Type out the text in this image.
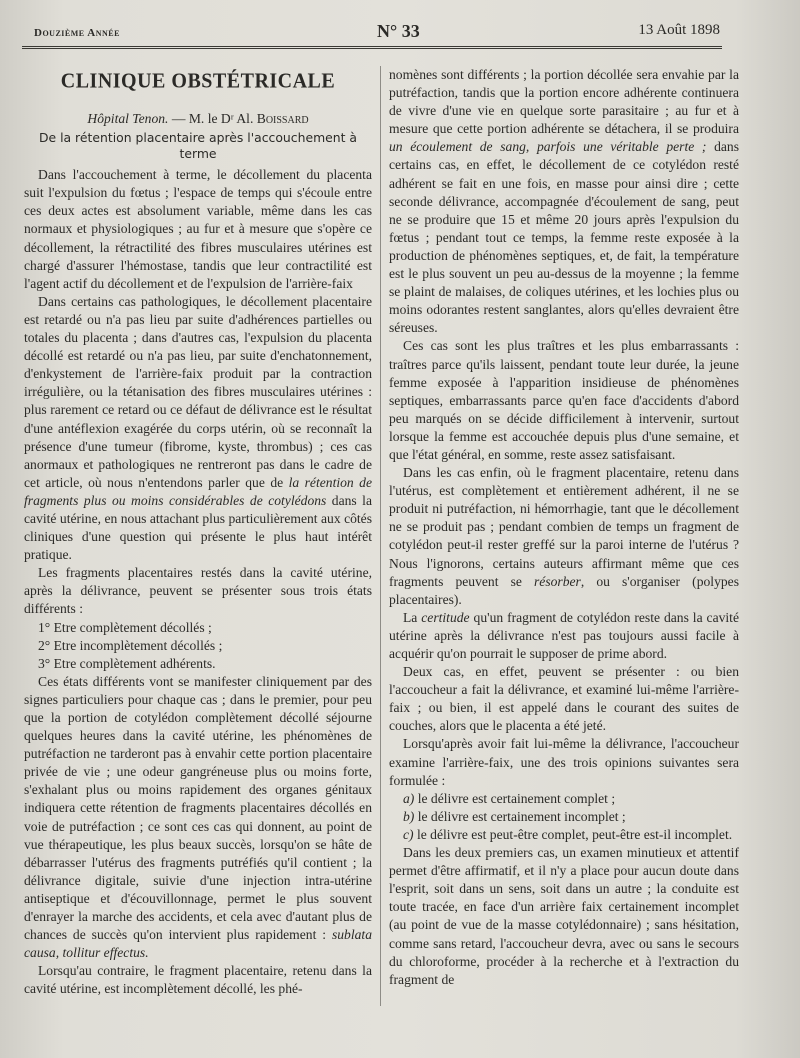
Douzième Année	N° 33	13 Août 1898
CLINIQUE OBSTÉTRICALE
Hôpital Tenon. — M. le Dʳ Al. Boissard
De la rétention placentaire après l'accouchement à terme

Dans l'accouchement à terme, le décollement du placenta suit l'expulsion du fœtus ; l'espace de temps qui s'écoule entre ces deux actes est absolument variable, même dans les cas normaux et physiologiques ; au fur et à mesure que s'opère ce décollement, la rétractilité des fibres musculaires utérines est chargé d'assurer l'hémostase, tandis que leur contractilité est l'agent actif du décollement et de l'expulsion de l'arrière-faix

Dans certains cas pathologiques, le décollement placentaire est retardé ou n'a pas lieu par suite d'adhérences partielles ou totales du placenta ; dans d'autres cas, l'expulsion du placenta décollé est retardé ou n'a pas lieu, par suite d'enchatonnement, d'enkystement de l'arrière-faix produit par la contraction irrégulière, ou la tétanisation des fibres musculaires utérines : plus rarement ce retard ou ce défaut de délivrance est le résultat d'une antéflexion exagérée du corps utérin, où se reconnaît la présence d'une tumeur (fibrome, kyste, thrombus) ; ces cas anormaux et pathologiques ne rentreront pas dans le cadre de cet article, où nous n'entendons parler que de la rétention de fragments plus ou moins considérables de cotylédons dans la cavité utérine, en nous attachant plus particulièrement aux côtés cliniques d'une question qui présente le plus haut intérêt pratique.

Les fragments placentaires restés dans la cavité utérine, après la délivrance, peuvent se présenter sous trois états différents :

1° Etre complètement décollés ;

2° Etre incomplètement décollés ;

3° Etre complètement adhérents.

Ces états différents vont se manifester cliniquement par des signes particuliers pour chaque cas ; dans le premier, pour peu que la portion de cotylédon complètement décollé séjourne quelques heures dans la cavité utérine, les phénomènes de putréfaction ne tarderont pas à envahir cette portion placentaire privée de vie ; une odeur gangréneuse plus ou moins forte, s'exhalant plus ou moins rapidement des organes génitaux indiquera cette rétention de fragments placentaires décollés en voie de putréfaction ; ce sont ces cas qui donnent, au point de vue thérapeutique, les plus beaux succès, lorsqu'on se hâte de débarrasser l'utérus des fragments putréfiés qu'il contient ; la délivrance digitale, suivie d'une injection intra-utérine antiseptique et d'écouvillonnage, permet le plus souvent d'enrayer la marche des accidents, et cela avec d'autant plus de chances de succès qu'on intervient plus rapidement : sublata causa, tollitur effectus.

Lorsqu'au contraire, le fragment placentaire, retenu dans la cavité utérine, est incomplètement décollé, les phé-

nomènes sont différents ; la portion décollée sera envahie par la putréfaction, tandis que la portion encore adhérente continuera de vivre d'une vie en quelque sorte parasitaire ; au fur et à mesure que cette portion adhérente se détachera, il se produira un écoulement de sang, parfois une véritable perte ; dans certains cas, en effet, le décollement de ce cotylédon resté adhérent se fait en une fois, en masse pour ainsi dire ; cette seconde délivrance, accompagnée d'écoulement de sang, peut ne se produire que 15 et même 20 jours après l'expulsion du fœtus ; pendant tout ce temps, la femme reste exposée à la production de phénomènes septiques, et, de fait, la température est le plus souvent un peu au-dessus de la moyenne ; la femme se plaint de malaises, de coliques utérines, et les lochies plus ou moins odorantes restent sanglantes, alors qu'elles devraient être séreuses.

Ces cas sont les plus traîtres et les plus embarrassants : traîtres parce qu'ils laissent, pendant toute leur durée, la jeune femme exposée à l'apparition insidieuse de phénomènes septiques, embarrassants parce qu'en face d'accidents d'abord peu marqués on se décide difficilement à intervenir, surtout lorsque la femme est accouchée depuis plus d'une semaine, et que l'état général, en somme, reste assez satisfaisant.

Dans les cas enfin, où le fragment placentaire, retenu dans l'utérus, est complètement et entièrement adhérent, il ne se produit ni putréfaction, ni hémorrhagie, tant que le décollement ne se produit pas ; pendant combien de temps un fragment de cotylédon peut-il rester greffé sur la paroi interne de l'utérus ? Nous l'ignorons, certains auteurs affirmant même que ces fragments peuvent se résorber, ou s'organiser (polypes placentaires).

La certitude qu'un fragment de cotylédon reste dans la cavité utérine après la délivrance n'est pas toujours aussi facile à acquérir qu'on pourrait le supposer de prime abord.

Deux cas, en effet, peuvent se présenter : ou bien l'accoucheur a fait la délivrance, et examiné lui-même l'arrière-faix ; ou bien, il est appelé dans le courant des suites de couches, alors que le placenta a été jeté.

Lorsqu'après avoir fait lui-même la délivrance, l'accoucheur examine l'arrière-faix, une des trois opinions suivantes sera formulée :

a) le délivre est certainement complet ;

b) le délivre est certainement incomplet ;

c) le délivre est peut-être complet, peut-être est-il incomplet.

Dans les deux premiers cas, un examen minutieux et attentif permet d'être affirmatif, et il n'y a place pour aucun doute dans l'esprit, soit dans un sens, soit dans un autre ; la conduite est toute tracée, en face d'un arrière faix certainement incomplet (au point de vue de la masse cotylédonnaire) ; sans hésitation, comme sans retard, l'accoucheur devra, avec ou sans le secours du chloroforme, procéder à la recherche et à l'extraction du fragment de
